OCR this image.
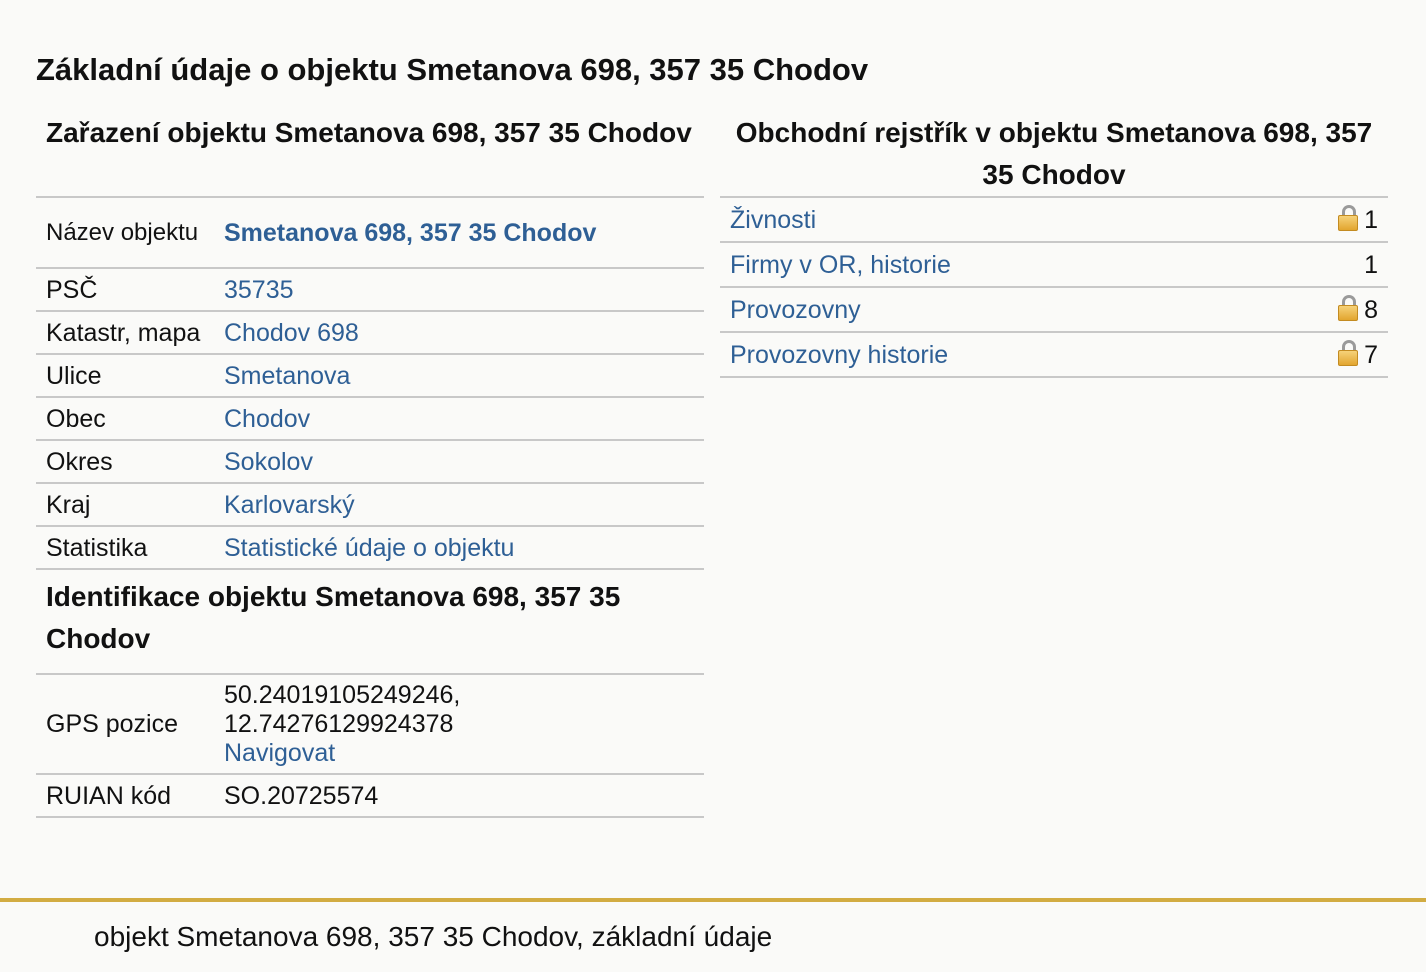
Základní údaje o objektu Smetanova 698, 357 35 Chodov
Zařazení objektu Smetanova 698, 357 35 Chodov
Název objektu	Smetanova 698, 357 35 Chodov
PSČ	35735
Katastr, mapa	Chodov 698
Ulice	Smetanova
Obec	Chodov
Okres	Sokolov
Kraj	Karlovarský
Statistika	Statistické údaje o objektu
Identifikace objektu Smetanova 698, 357 35 Chodov
GPS pozice	50.24019105249246,
12.74276129924378
Navigovat
RUIAN kód	SO.20725574
Obchodní rejstřík v objektu Smetanova 698, 357 35 Chodov
Živnosti	1
Firmy v OR, historie	1
Provozovny	8
Provozovny historie	7
objekt Smetanova 698, 357 35 Chodov, základní údaje
